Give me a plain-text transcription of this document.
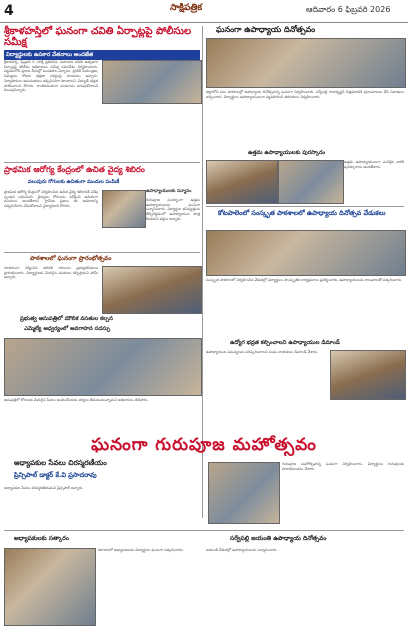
4	సాక్షిపత్రిక	ఆదివారం 6 ఫిబ్రవరి 2026
శ్రీకాళహస్తిలో ఘనంగా చవితి ఏర్పాట్లపై పోలీసుల సమీక్ష
విద్యార్థులకు ఉపకార వేతనాలు అందజేత
శ్రీకాళహస్తి, ఫిబ్రవరి 5 (సాక్షి ప్రతినిధి): వినాయక చవితి ఉత్సవాల ఏర్పాట్లపై పోలీసు అధికారులు సమీక్ష సమావేశం నిర్వహించారు. పట్టణంలోని ప్రధాన వీధుల్లో మండపాల ఏర్పాటు, ట్రాఫిక్ నియంత్రణ, నిమజ్జనం రోజున భద్రతా చర్యలపై సూచనలు ఇచ్చారు. నిర్వాహకులు అనుమతులు తప్పనిసరిగా పొందాలని, విద్యుత్ భద్రత పాటించాలని కోరారు. శాంతియుతంగా పండుగను జరుపుకోవాలని పిలుపునిచ్చారు.
ప్రాథమిక ఆరోగ్య కేంద్రంలో ఉచిత వైద్య శిబిరం
పలువురు రోగులకు ఉచితంగా మందుల పంపిణీ
ప్రాథమిక ఆరోగ్య కేంద్రంలో నిర్వహించిన ఉచిత వైద్య శిబిరానికి విశేష స్పందన లభించింది. వైద్యులు రోగులను పరీక్షించి ఉచితంగా మందులు అందజేశారు. గ్రామీణ ప్రజలు ఈ అవకాశాన్ని సద్వినియోగం చేసుకోవాలని వైద్యాధికారి కోరారు.
ఉపాధ్యాయులకు సన్మానం
గురుపూజ సందర్భంగా ఉత్తమ ఉపాధ్యాయులను ఘనంగా సన్మానించారు. విద్యార్థుల భవిష్యత్తును తీర్చిదిద్దడంలో ఉపాధ్యాయుల పాత్ర కీలకమని వక్తలు అన్నారు.
పాఠశాలలో ఘనంగా ప్రారంభోత్సవం
నూతనంగా నిర్మించిన తరగతి గదులను ప్రజాప్రతినిధులు ప్రారంభించారు. విద్యార్థులకు మెరుగైన వసతులు కల్పిస్తామని హామీ ఇచ్చారు.
ప్రభుత్వ ఆసుపత్రిలో మౌలిక వసతుల కల్పన
ఎమ్మెల్యే ఆధ్వర్యంలో అవగాహన సదస్సు
ఆసుపత్రిలో రోగులకు మెరుగైన సేవలు అందించేందుకు చర్యలు తీసుకుంటున్నామని అధికారులు తెలిపారు.
ఘనంగా ఉపాధ్యాయ దినోత్సవం
జిల్లాలోని పలు పాఠశాలల్లో ఉపాధ్యాయ దినోత్సవాన్ని ఘనంగా నిర్వహించారు. సర్వేపల్లి రాధాకృష్ణన్ చిత్రపటానికి పూలమాలలు వేసి నివాళులు అర్పించారు. విద్యార్థులు ఉపాధ్యాయులుగా వ్యవహరించి తరగతులు నిర్వహించారు.
ఉత్తమ ఉపాధ్యాయులకు పురస్కారం
ఉత్తమ ఉపాధ్యాయులుగా ఎంపికైన వారికి పురస్కారాలు అందజేశారు.
కోటపాలెంలో సంస్కృత పాఠశాలలో ఉపాధ్యాయ దినోత్సవ వేడుకలు
సంస్కృత పాఠశాలలో నిర్వహించిన వేడుకల్లో విద్యార్థులు సాంస్కృతిక కార్యక్రమాలు ప్రదర్శించారు. ఉపాధ్యాయులను శాలువాలతో సత్కరించారు.
ఉద్యోగ భద్రత కల్పించాలని ఉపాధ్యాయుల డిమాండ్
ఉపాధ్యాయుల సమస్యలను పరిష్కరించాలని సంఘ నాయకులు డిమాండ్ చేశారు.
ఘనంగా గురుపూజ మహోత్సవం
అధ్యాపకుల సేవలు చిరస్మరణీయం
ప్రిన్సిపాల్ డాక్టర్ కే.వి ప్రసాదరావు
అధ్యాపకుల సేవలు చిరస్మరణీయమని ప్రిన్సిపాల్ అన్నారు.
గురుపూజ మహోత్సవాన్ని ఘనంగా నిర్వహించారు. విద్యార్థులు గురువులకు పాదాభివందనం చేశారు.
సర్వేపల్లి జయంతి ఉపాధ్యాయ దినోత్సవం
జయంతి వేడుకల్లో ఉపాధ్యాయులను సన్మానించారు.
అధ్యాపకులకు సత్కారం
కళాశాలలో అధ్యాపకులను విద్యార్థులు ఘనంగా సత్కరించారు.
